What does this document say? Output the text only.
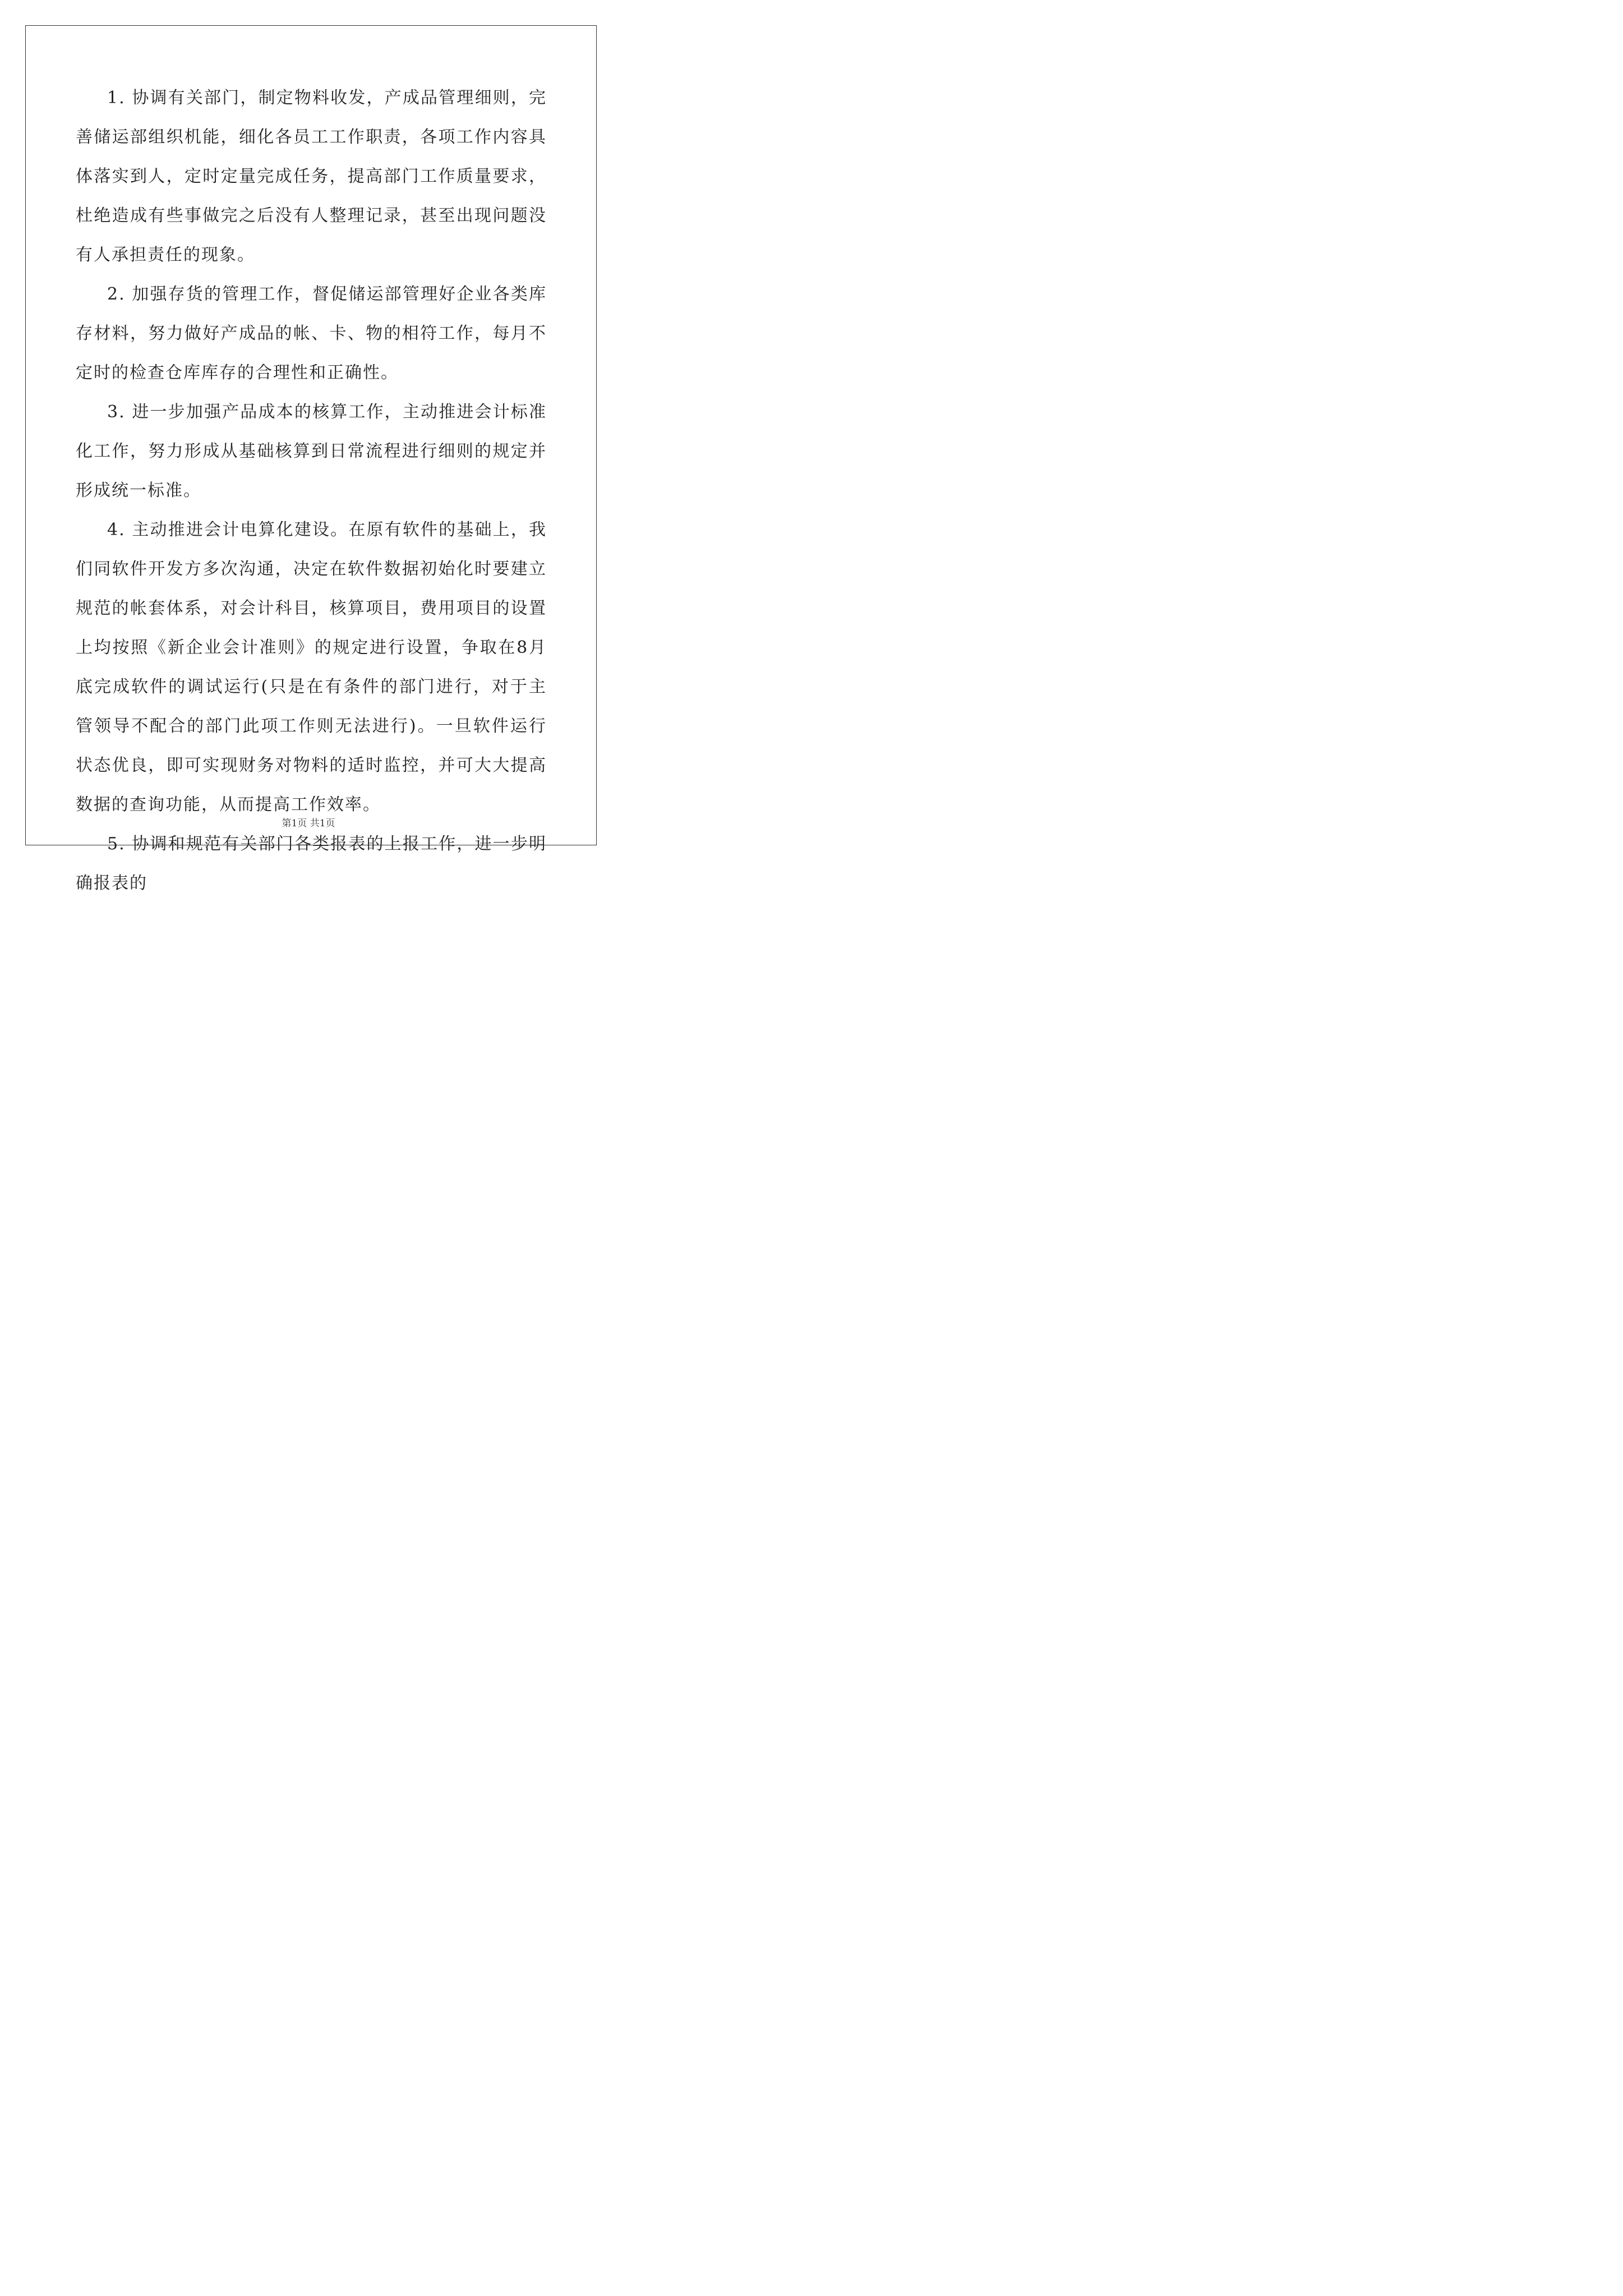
1. 协调有关部门，制定物料收发，产成品管理细则，完善储运部组织机能，细化各员工工作职责，各项工作内容具体落实到人，定时定量完成任务，提高部门工作质量要求，杜绝造成有些事做完之后没有人整理记录，甚至出现问题没有人承担责任的现象。

2. 加强存货的管理工作，督促储运部管理好企业各类库存材料，努力做好产成品的帐、卡、物的相符工作，每月不定时的检查仓库库存的合理性和正确性。

3. 进一步加强产品成本的核算工作，主动推进会计标准化工作，努力形成从基础核算到日常流程进行细则的规定并形成统一标准。

4. 主动推进会计电算化建设。在原有软件的基础上，我们同软件开发方多次沟通，决定在软件数据初始化时要建立规范的帐套体系，对会计科目，核算项目，费用项目的设置上均按照《新企业会计准则》的规定进行设置，争取在8月底完成软件的调试运行(只是在有条件的部门进行，对于主管领导不配合的部门此项工作则无法进行)。一旦软件运行状态优良，即可实现财务对物料的适时监控，并可大大提高数据的查询功能，从而提高工作效率。

5. 协调和规范有关部门各类报表的上报工作，进一步明确报表的

第1页 共1页
